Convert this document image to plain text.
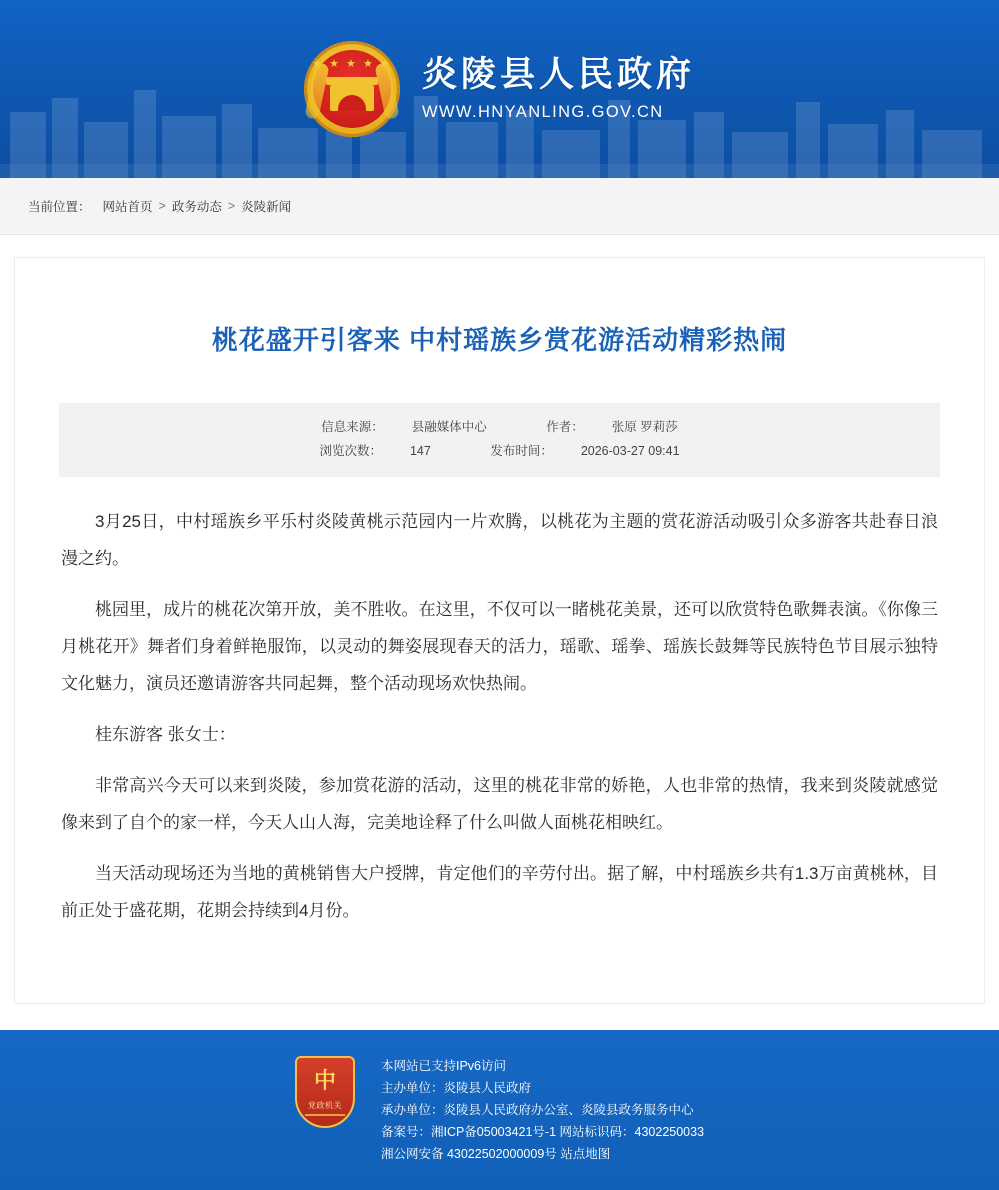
★ ★ ★ ★ ★ 炎陵县人民政府
WWW.HNYANLING.GOV.CN
当前位置： 网站首页 > 政务动态 > 炎陵新闻
桃花盛开引客来 中村瑶族乡赏花游活动精彩热闹
信息来源： 县融媒体中心	作者： 张原 罗莉莎
浏览次数： 147	发布时间： 2026-03-27 09:41

3月25日，中村瑶族乡平乐村炎陵黄桃示范园内一片欢腾，以桃花为主题的赏花游活动吸引众多游客共赴春日浪漫之约。

桃园里，成片的桃花次第开放，美不胜收。在这里，不仅可以一睹桃花美景，还可以欣赏特色歌舞表演。《你像三月桃花开》舞者们身着鲜艳服饰，以灵动的舞姿展现春天的活力，瑶歌、瑶拳、瑶族长鼓舞等民族特色节目展示独特文化魅力，演员还邀请游客共同起舞，整个活动现场欢快热闹。

桂东游客 张女士：

非常高兴今天可以来到炎陵，参加赏花游的活动，这里的桃花非常的娇艳，人也非常的热情，我来到炎陵就感觉像来到了自个的家一样，今天人山人海，完美地诠释了什么叫做人面桃花相映红。

当天活动现场还为当地的黄桃销售大户授牌，肯定他们的辛劳付出。据了解，中村瑶族乡共有1.3万亩黄桃林，目前正处于盛花期，花期会持续到4月份。

中
党政机关
本网站已支持IPv6访问
主办单位：炎陵县人民政府
承办单位：炎陵县人民政府办公室、炎陵县政务服务中心
备案号：湘ICP备05003421号-1 网站标识码：4302250033
湘公网安备 43022502000009号 站点地图
